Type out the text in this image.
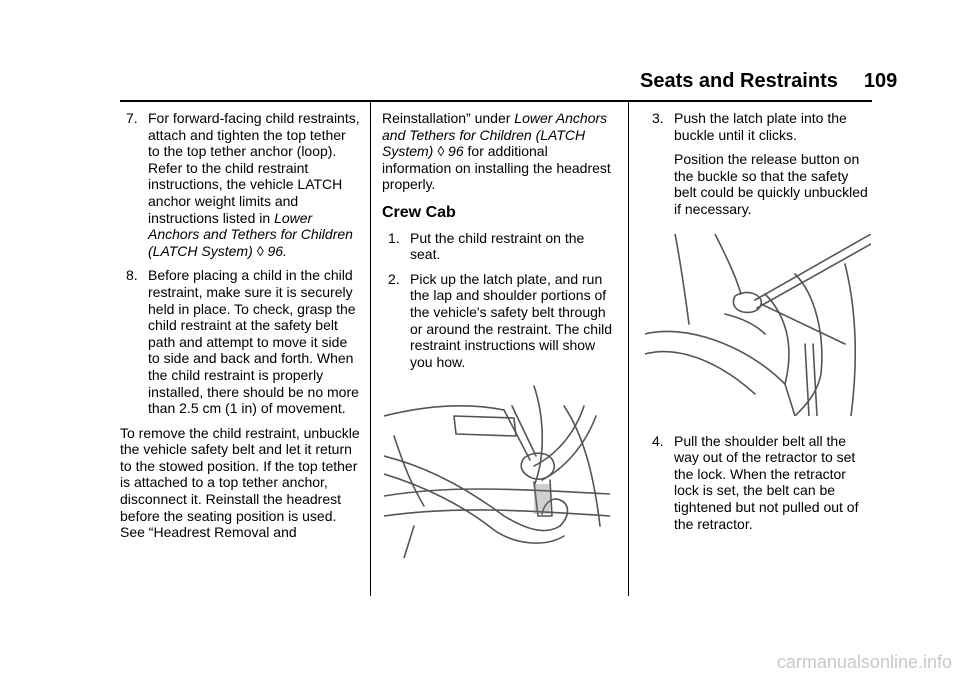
Seats and Restraints 109
7. For forward-facing child restraints, attach and tighten the top tether to the top tether anchor (loop). Refer to the child restraint instructions, the vehicle LATCH anchor weight limits and instructions listed in Lower Anchors and Tethers for Children (LATCH System) ◊ 96.
8. Before placing a child in the child restraint, make sure it is securely held in place. To check, grasp the child restraint at the safety belt path and attempt to move it side to side and back and forth. When the child restraint is properly installed, there should be no more than 2.5 cm (1 in) of movement.

To remove the child restraint, unbuckle the vehicle safety belt and let it return to the stowed position. If the top tether is attached to a top tether anchor, disconnect it. Reinstall the headrest before the seating position is used. See “Headrest Removal and

Reinstallation” under Lower Anchors and Tethers for Children (LATCH System) ◊ 96 for additional information on installing the headrest properly.

Crew Cab
1. Put the child restraint on the seat.
2. Pick up the latch plate, and run the lap and shoulder portions of the vehicle's safety belt through or around the restraint. The child restraint instructions will show you how.
3. Push the latch plate into the buckle until it clicks.

Position the release button on the buckle so that the safety belt could be quickly unbuckled if necessary.

4. Pull the shoulder belt all the way out of the retractor to set the lock. When the retractor lock is set, the belt can be tightened but not pulled out of the retractor.
carmanualsonline.info
